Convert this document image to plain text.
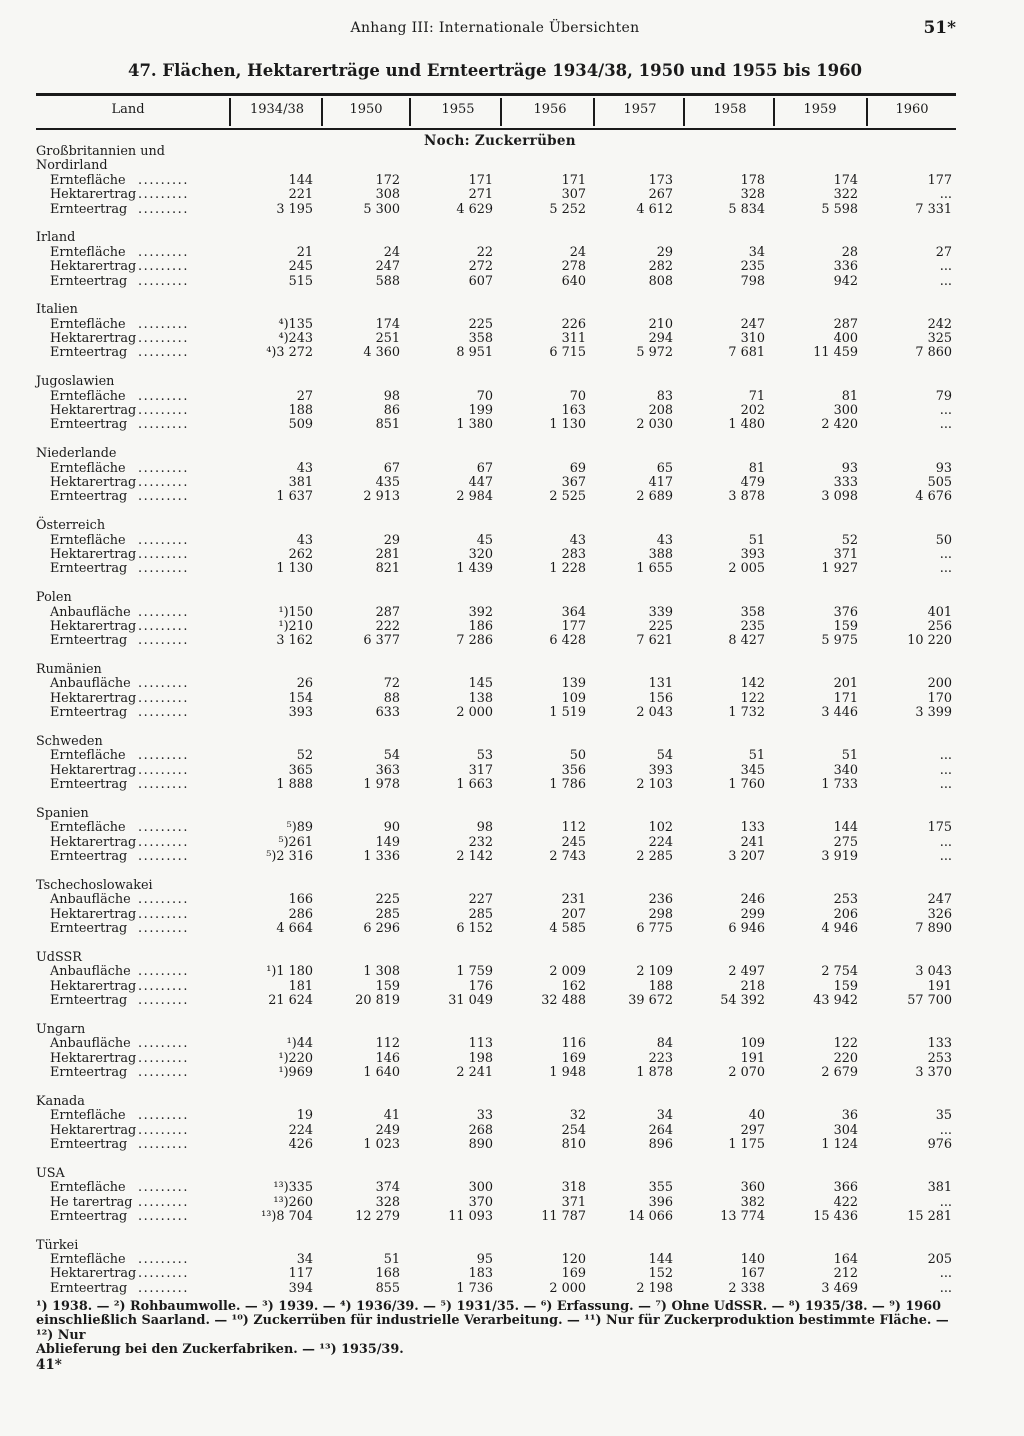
Anhang III: Internationale Übersichten	51*
47. Flächen, Hektarerträge und Ernteerträge 1934/38, 1950 und 1955 bis 1960
Land	1934/38	1950	1955	1956	1957	1958	1959	1960
Noch: Zuckerrüben
Großbritannien und
Nordirland
Erntefläche .........	144	172	171	171	173	178	174	177
Hektarertrag .........	221	308	271	307	267	328	322	...
Ernteertrag .........	3 195	5 300	4 629	5 252	4 612	5 834	5 598	7 331
Irland
Erntefläche .........	21	24	22	24	29	34	28	27
Hektarertrag .........	245	247	272	278	282	235	336	...
Ernteertrag .........	515	588	607	640	808	798	942	...
Italien
Erntefläche .........	⁴)135	174	225	226	210	247	287	242
Hektarertrag .........	⁴)243	251	358	311	294	310	400	325
Ernteertrag .........	⁴)3 272	4 360	8 951	6 715	5 972	7 681	11 459	7 860
Jugoslawien
Erntefläche .........	27	98	70	70	83	71	81	79
Hektarertrag .........	188	86	199	163	208	202	300	...
Ernteertrag .........	509	851	1 380	1 130	2 030	1 480	2 420	...
Niederlande
Erntefläche .........	43	67	67	69	65	81	93	93
Hektarertrag .........	381	435	447	367	417	479	333	505
Ernteertrag .........	1 637	2 913	2 984	2 525	2 689	3 878	3 098	4 676
Österreich
Erntefläche .........	43	29	45	43	43	51	52	50
Hektarertrag .........	262	281	320	283	388	393	371	...
Ernteertrag .........	1 130	821	1 439	1 228	1 655	2 005	1 927	...
Polen
Anbaufläche .........	¹)150	287	392	364	339	358	376	401
Hektarertrag .........	¹)210	222	186	177	225	235	159	256
Ernteertrag .........	3 162	6 377	7 286	6 428	7 621	8 427	5 975	10 220
Rumänien
Anbaufläche .........	26	72	145	139	131	142	201	200
Hektarertrag .........	154	88	138	109	156	122	171	170
Ernteertrag .........	393	633	2 000	1 519	2 043	1 732	3 446	3 399
Schweden
Erntefläche .........	52	54	53	50	54	51	51	...
Hektarertrag .........	365	363	317	356	393	345	340	...
Ernteertrag .........	1 888	1 978	1 663	1 786	2 103	1 760	1 733	...
Spanien
Erntefläche .........	⁵)89	90	98	112	102	133	144	175
Hektarertrag .........	⁵)261	149	232	245	224	241	275	...
Ernteertrag .........	⁵)2 316	1 336	2 142	2 743	2 285	3 207	3 919	...
Tschechoslowakei
Anbaufläche .........	166	225	227	231	236	246	253	247
Hektarertrag .........	286	285	285	207	298	299	206	326
Ernteertrag .........	4 664	6 296	6 152	4 585	6 775	6 946	4 946	7 890
UdSSR
Anbaufläche .........	¹)1 180	1 308	1 759	2 009	2 109	2 497	2 754	3 043
Hektarertrag .........	181	159	176	162	188	218	159	191
Ernteertrag .........	21 624	20 819	31 049	32 488	39 672	54 392	43 942	57 700
Ungarn
Anbaufläche .........	¹)44	112	113	116	84	109	122	133
Hektarertrag .........	¹)220	146	198	169	223	191	220	253
Ernteertrag .........	¹)969	1 640	2 241	1 948	1 878	2 070	2 679	3 370
Kanada
Erntefläche .........	19	41	33	32	34	40	36	35
Hektarertrag .........	224	249	268	254	264	297	304	...
Ernteertrag .........	426	1 023	890	810	896	1 175	1 124	976
USA
Erntefläche .........	¹³)335	374	300	318	355	360	366	381
He tarertrag .........	¹³)260	328	370	371	396	382	422	...
Ernteertrag .........	¹³)8 704	12 279	11 093	11 787	14 066	13 774	15 436	15 281
Türkei
Erntefläche .........	34	51	95	120	144	140	164	205
Hektarertrag .........	117	168	183	169	152	167	212	...
Ernteertrag .........	394	855	1 736	2 000	2 198	2 338	3 469	...
¹) 1938. — ²) Rohbaumwolle. — ³) 1939. — ⁴) 1936/39. — ⁵) 1931/35. — ⁶) Erfassung. — ⁷) Ohne UdSSR. — ⁸) 1935/38. — ⁹) 1960
einschließlich Saarland. — ¹⁰) Zuckerrüben für industrielle Verarbeitung. — ¹¹) Nur für Zuckerproduktion bestimmte Fläche. — ¹²) Nur
Ablieferung bei den Zuckerfabriken. — ¹³) 1935/39.
41*
